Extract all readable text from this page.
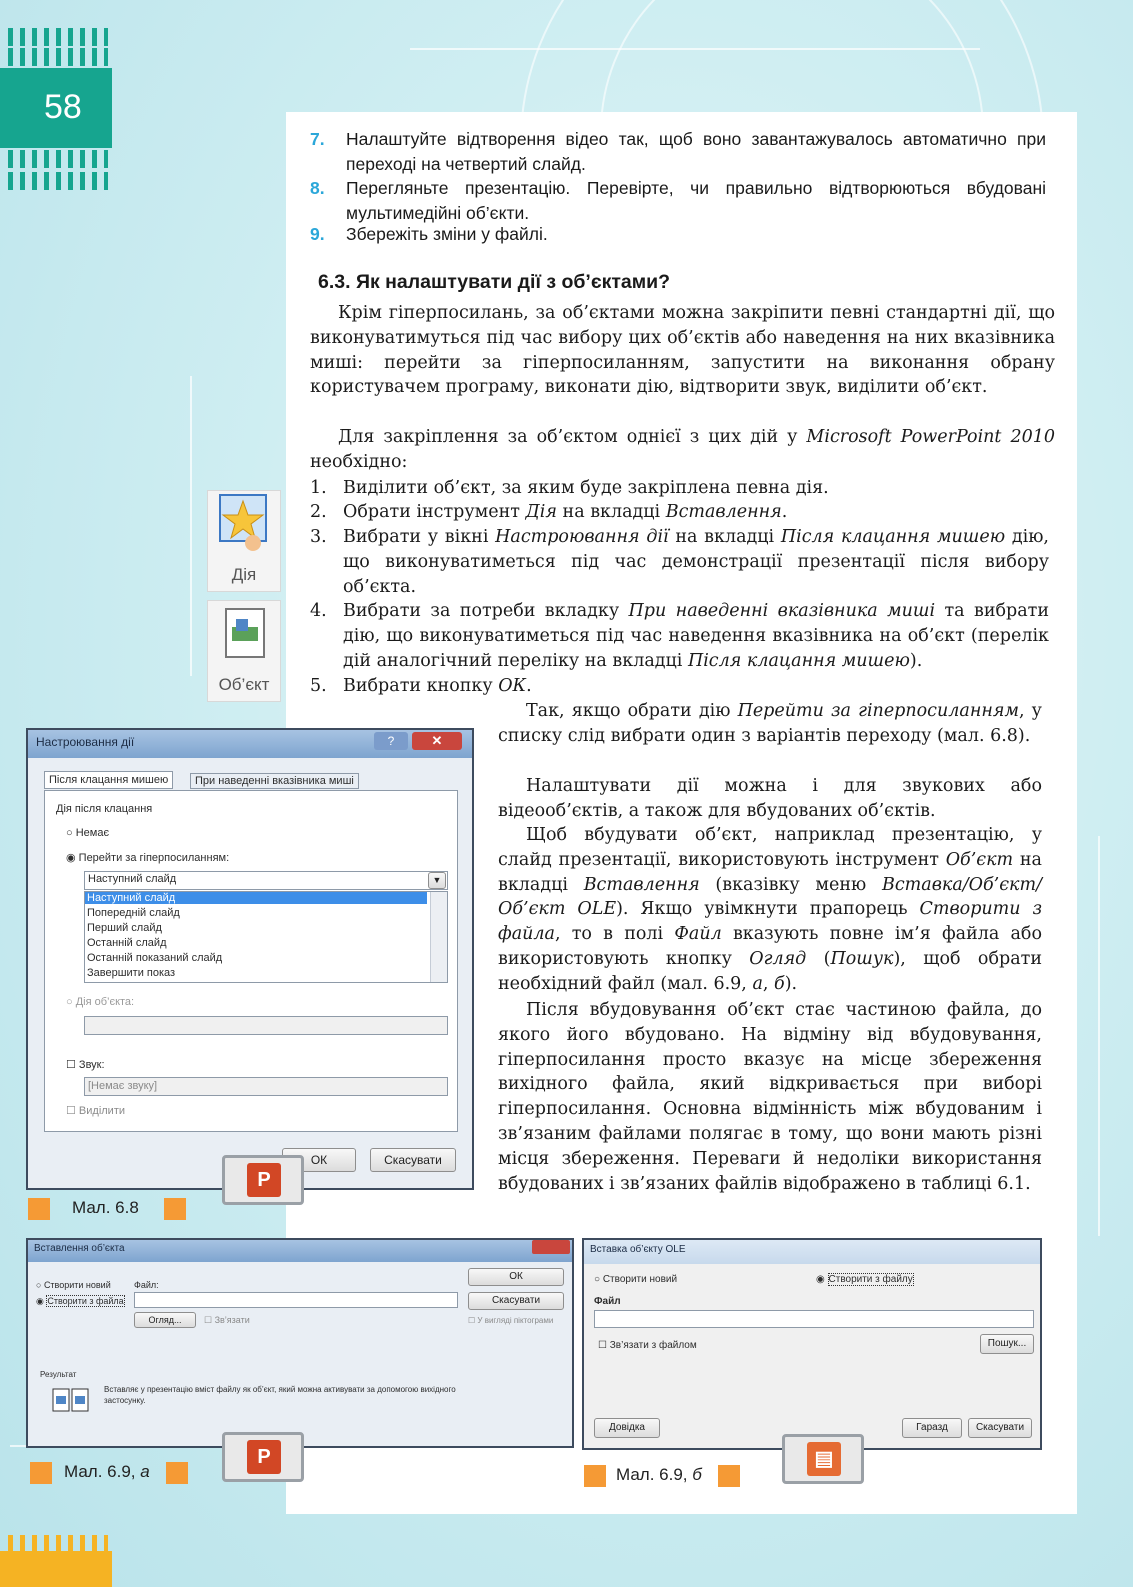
58
7. Налаштуйте відтворення відео так, щоб воно завантажувалось автоматично при переході на четвертий слайд.
8. Перегляньте презентацію. Перевірте, чи правильно відтворюються вбудовані мультимедійні об’єкти.
9. Збережіть зміни у файлі.
6.3. Як налаштувати дії з об’єктами?
Крім гіперпосилань, за об’єктами можна закріпити певні стандартні дії, що виконуватимуться під час вибору цих об’єктів або наведення на них вказівника миші: перейти за гіперпосиланням, запустити на виконання обрану користувачем програму, виконати дію, відтворити звук, виділити об’єкт.
Для закріплення за об’єктом однієї з цих дій у Microsoft PowerPoint 2010 необхідно:
1. Виділити об’єкт, за яким буде закріплена певна дія.
2. Обрати інструмент Дія на вкладці Вставлення.
3. Вибрати у вікні Настроювання дії на вкладці Після клацання мишею дію, що виконуватиметься під час демонстрації презентації після вибору об’єкта.
4. Вибрати за потреби вкладку При наведенні вказівника миші та вибрати дію, що виконуватиметься під час наведення вказівника на об’єкт (перелік дій аналогічний переліку на вкладці Після клацання мишею).
5. Вибрати кнопку ОК.
Так, якщо обрати дію Перейти за гіперпосиланням, у списку слід вибрати один з варіантів переходу (мал. 6.8).
Налаштувати дії можна і для звукових або відеооб’єктів, а також для вбудованих об’єктів.
Щоб вбудувати об’єкт, наприклад презентацію, у слайд презентації, використовують інструмент Об’єкт на вкладці Вставлення (вказівку меню Вставка/Об’єкт/Об’єкт OLE). Якщо увімкнути прапорець Створити з файла, то в полі Файл вказують повне ім’я файла або використовують кнопку Огляд (Пошук), щоб обрати необхідний файл (мал. 6.9, а, б).
Після вбудовування об’єкт стає частиною файла, до якого його вбудовано. На відміну від вбудовування, гіперпосилання просто вказує на місце збереження вихідного файла, який відкривається при виборі гіперпосилання. Основна відмінність між вбудованим і зв’язаним файлами полягає в тому, що вони мають різні місця збереження. Переваги й недоліки використання вбудованих і зв’язаних файлів відображено в таблиці 6.1.
Дія
Об’єкт
Настроювання дії	✕
?
Після клацання мишею	При наведенні вказівника миші
Дія після клацання
○ Немає
◉ Перейти за гіперпосиланням:
Наступний слайд	▼
Наступний слайд
Попередній слайд
Перший слайд
Останній слайд
Останній показаний слайд
Завершити показ
○ Дія об’єкта:
☐ Звук:
[Немає звуку]
☐ Виділити
ОК	Скасувати
P
Мал. 6.8
Вставлення об’єкта
○ Створити новий
◉ Створити з файла
Файл:
Огляд...	☐ Зв’язати
ОК
Скасувати
☐ У вигляді піктограми
Результат
Вставляє у презентацію вміст файлу як об’єкт, який можна активувати за допомогою вихідного застосунку.
P
Мал. 6.9, а
Вставка об’єкту OLE
○ Створити новий	◉ Створити з файлу
Файл
☐ Зв’язати з файлом	Пошук...
Довідка	Гаразд	Скасувати
▤
Мал. 6.9, б
